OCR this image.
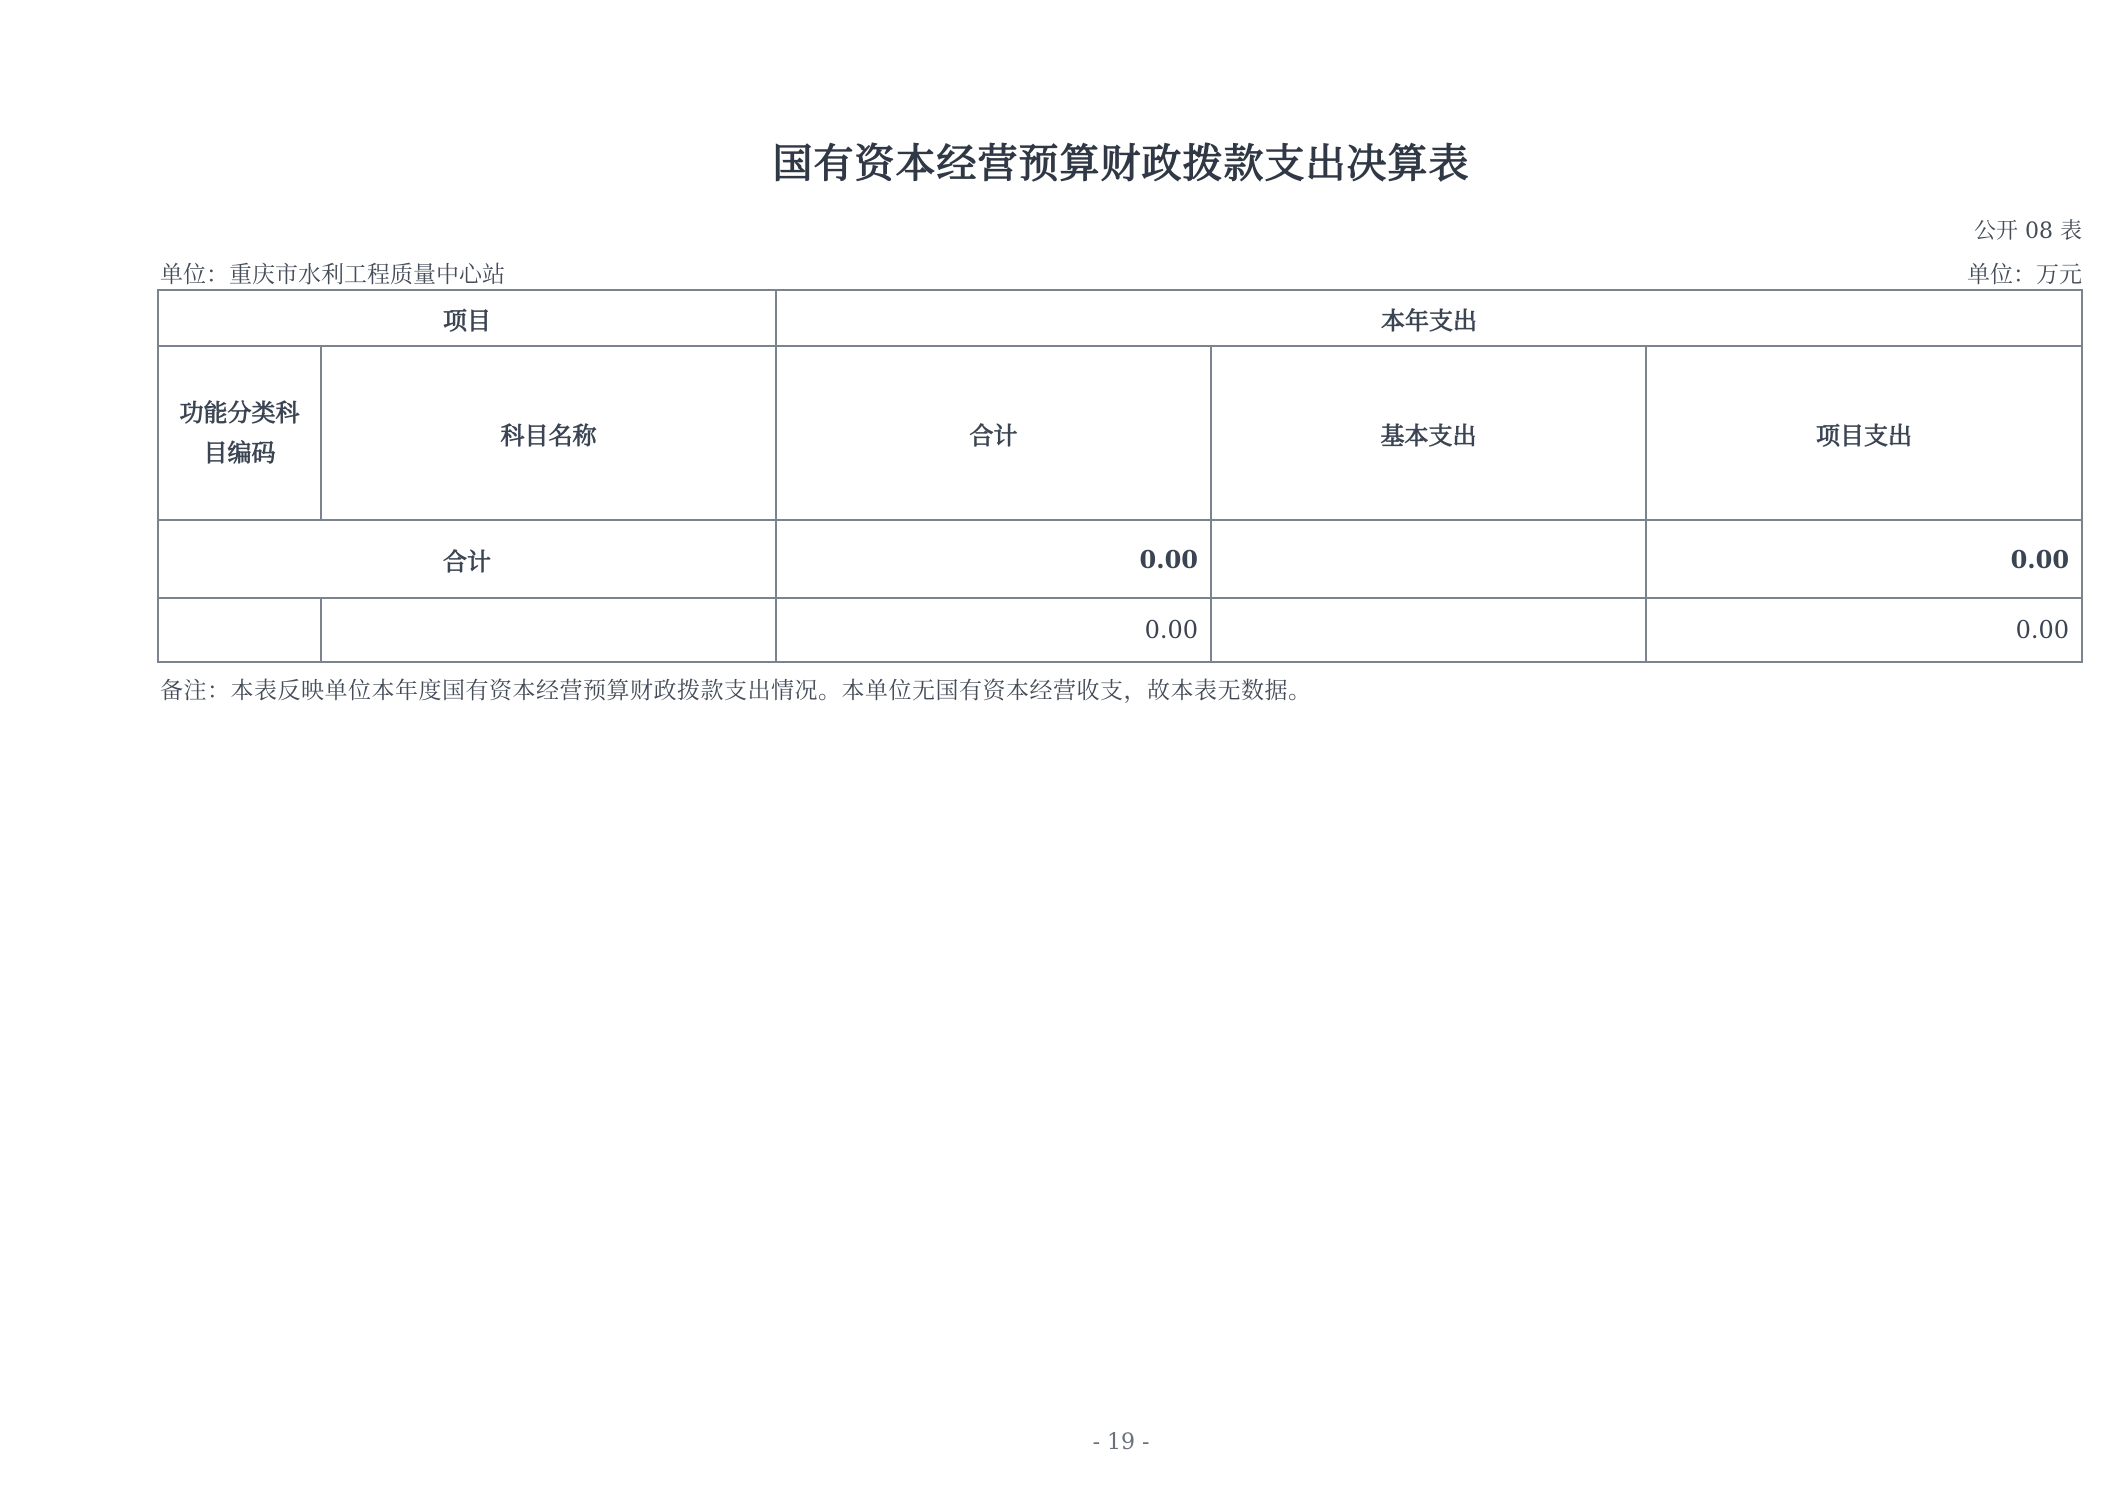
国有资本经营预算财政拨款支出决算表
公开 08 表
单位：重庆市水利工程质量中心站	单位：万元
项目		本年支出		
功能分类科目编码	科目名称	合计	基本支出	项目支出
合计		0.00		0.00
		0.00		0.00
备注：本表反映单位本年度国有资本经营预算财政拨款支出情况。本单位无国有资本经营收支，故本表无数据。
- 19 -
